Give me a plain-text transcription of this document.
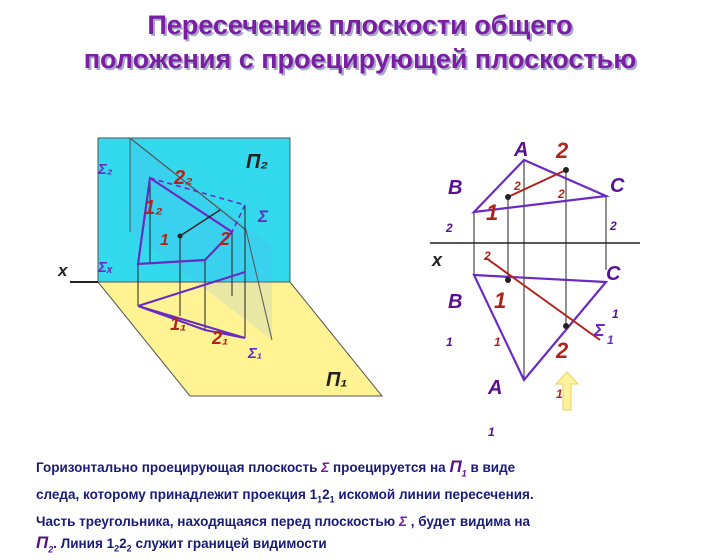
Пересечение плоскости общего
положения с проецирующей плоскостью
Σ₂	П₂
2₂
Σ
1₂
1	2
Σₓ
x
1₁
2₁
Σ₁
П₁
A 2
B	2
2 C
1
2	2
x	2
C
B 1
1
Σ 1
1	1	2
A	1
1
Горизонтально проецирующая плоскость Σ проецируется на $П_1$ в виде
следа, которому принадлежит проекция $1_12_1$ искомой линии пересечения.
Часть треугольника, находящаяся перед плоскостью Σ , будет видима на
$П_2$. Линия $1_22_2$ служит границей видимости
